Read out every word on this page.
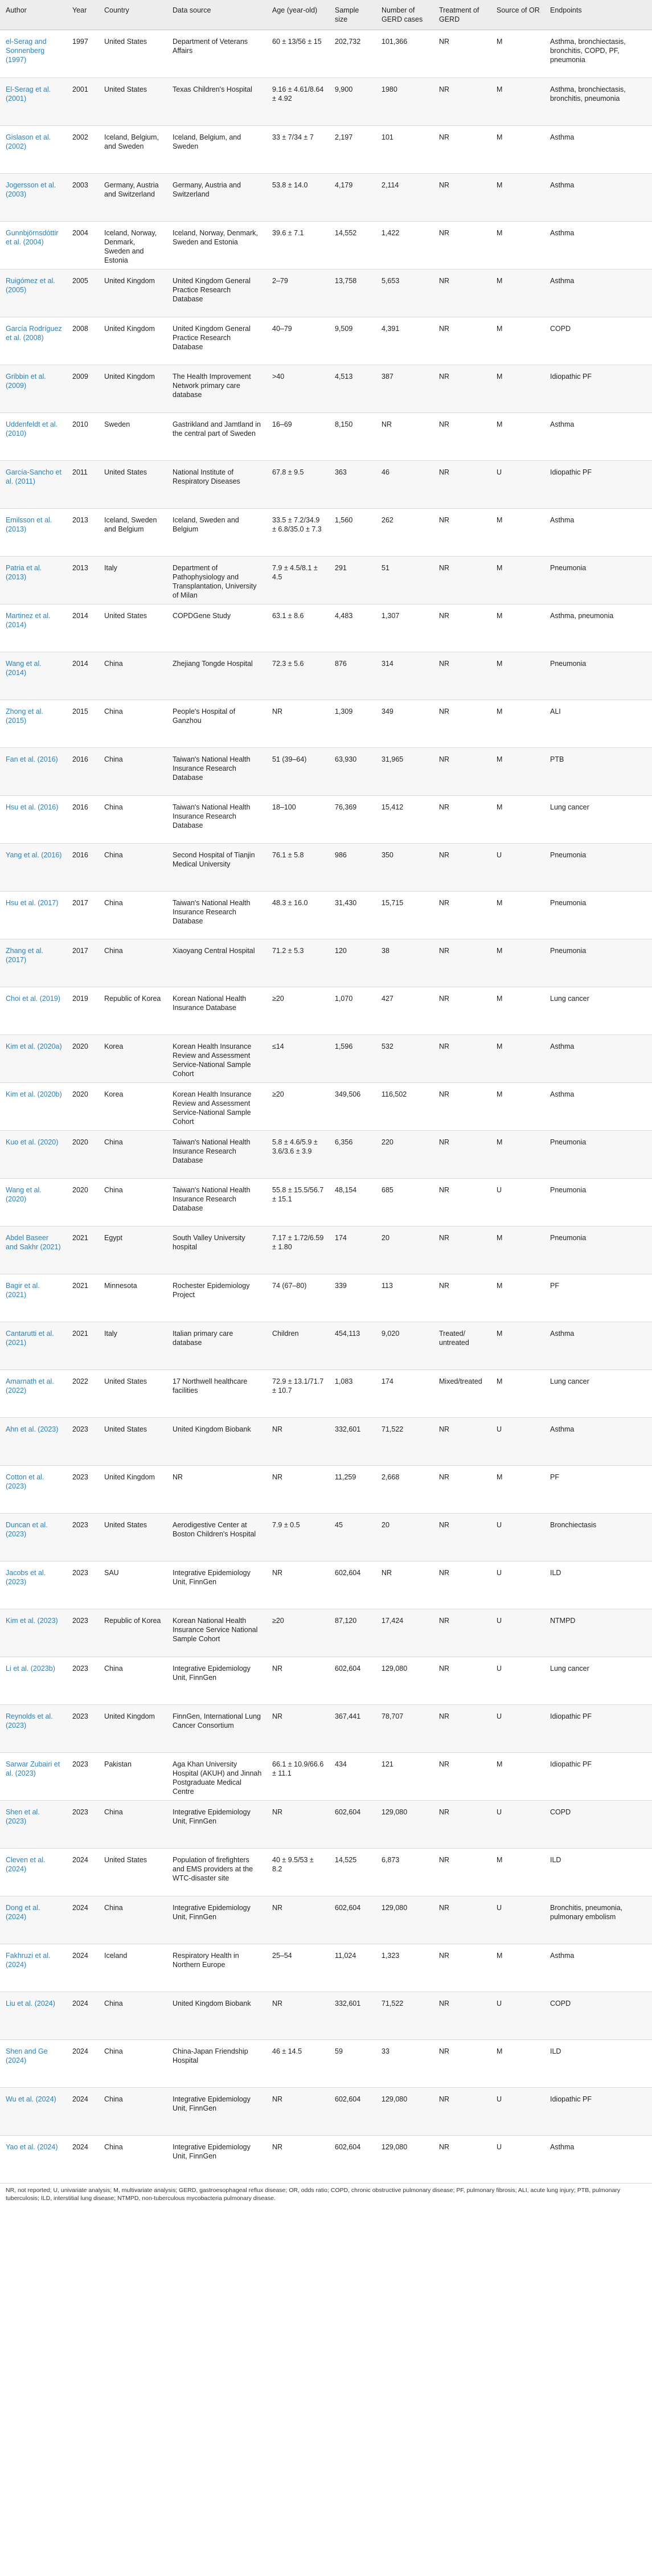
Author	Year	Country	Data source	Age (year-old)	Sample size	Number of GERD cases	Treatment of GERD	Source of OR	Endpoints
el-Serag and Sonnenberg (1997)	1997	United States	Department of Veterans Affairs	60 ± 13/56 ± 15	202,732	101,366	NR	M	Asthma, bronchiectasis, bronchitis, COPD, PF, pneumonia
El-Serag et al. (2001)	2001	United States	Texas Children's Hospital	9.16 ± 4.61/8.64 ± 4.92	9,900	1980	NR	M	Asthma, bronchiectasis, bronchitis, pneumonia
Gislason et al. (2002)	2002	Iceland, Belgium, and Sweden	Iceland, Belgium, and Sweden	33 ± 7/34 ± 7	2,197	101	NR	M	Asthma
Jogersson et al. (2003)	2003	Germany, Austria and Switzerland	Germany, Austria and Switzerland	53.8 ± 14.0	4,179	2,114	NR	M	Asthma
Gunnbjörnsdóttir et al. (2004)	2004	Iceland, Norway, Denmark, Sweden and Estonia	Iceland, Norway, Denmark, Sweden and Estonia	39.6 ± 7.1	14,552	1,422	NR	M	Asthma
Ruigómez et al. (2005)	2005	United Kingdom	United Kingdom General Practice Research Database	2–79	13,758	5,653	NR	M	Asthma
García Rodríguez et al. (2008)	2008	United Kingdom	United Kingdom General Practice Research Database	40–79	9,509	4,391	NR	M	COPD
Gribbin et al. (2009)	2009	United Kingdom	The Health Improvement Network primary care database	>40	4,513	387	NR	M	Idiopathic PF
Uddenfeldt et al. (2010)	2010	Sweden	Gastrikland and Jamtland in the central part of Sweden	16–69	8,150	NR	NR	M	Asthma
García-Sancho et al. (2011)	2011	United States	National Institute of Respiratory Diseases	67.8 ± 9.5	363	46	NR	U	Idiopathic PF
Emilsson et al. (2013)	2013	Iceland, Sweden and Belgium	Iceland, Sweden and Belgium	33.5 ± 7.2/34.9 ± 6.8/35.0 ± 7.3	1,560	262	NR	M	Asthma
Patria et al. (2013)	2013	Italy	Department of Pathophysiology and Transplantation, University of Milan	7.9 ± 4.5/8.1 ± 4.5	291	51	NR	M	Pneumonia
Martinez et al. (2014)	2014	United States	COPDGene Study	63.1 ± 8.6	4,483	1,307	NR	M	Asthma, pneumonia
Wang et al. (2014)	2014	China	Zhejiang Tongde Hospital	72.3 ± 5.6	876	314	NR	M	Pneumonia
Zhong et al. (2015)	2015	China	People's Hospital of Ganzhou	NR	1,309	349	NR	M	ALI
Fan et al. (2016)	2016	China	Taiwan's National Health Insurance Research Database	51 (39–64)	63,930	31,965	NR	M	PTB
Hsu et al. (2016)	2016	China	Taiwan's National Health Insurance Research Database	18–100	76,369	15,412	NR	M	Lung cancer
Yang et al. (2016)	2016	China	Second Hospital of Tianjin Medical University	76.1 ± 5.8	986	350	NR	U	Pneumonia
Hsu et al. (2017)	2017	China	Taiwan's National Health Insurance Research Database	48.3 ± 16.0	31,430	15,715	NR	M	Pneumonia
Zhang et al. (2017)	2017	China	Xiaoyang Central Hospital	71.2 ± 5.3	120	38	NR	M	Pneumonia
Choi et al. (2019)	2019	Republic of Korea	Korean National Health Insurance Database	≥20	1,070	427	NR	M	Lung cancer
Kim et al. (2020a)	2020	Korea	Korean Health Insurance Review and Assessment Service-National Sample Cohort	≤14	1,596	532	NR	M	Asthma
Kim et al. (2020b)	2020	Korea	Korean Health Insurance Review and Assessment Service-National Sample Cohort	≥20	349,506	116,502	NR	M	Asthma
Kuo et al. (2020)	2020	China	Taiwan's National Health Insurance Research Database	5.8 ± 4.6/5.9 ± 3.6/3.6 ± 3.9	6,356	220	NR	M	Pneumonia
Wang et al. (2020)	2020	China	Taiwan's National Health Insurance Research Database	55.8 ± 15.5/56.7 ± 15.1	48,154	685	NR	U	Pneumonia
Abdel Baseer and Sakhr (2021)	2021	Egypt	South Valley University hospital	7.17 ± 1.72/6.59 ± 1.80	174	20	NR	M	Pneumonia
Bagir et al. (2021)	2021	Minnesota	Rochester Epidemiology Project	74 (67–80)	339	113	NR	M	PF
Cantarutti et al. (2021)	2021	Italy	Italian primary care database	Children	454,113	9,020	Treated/ untreated	M	Asthma
Amarnath et al. (2022)	2022	United States	17 Northwell healthcare facilities	72.9 ± 13.1/71.7 ± 10.7	1,083	174	Mixed/treated	M	Lung cancer
Ahn et al. (2023)	2023	United States	United Kingdom Biobank	NR	332,601	71,522	NR	U	Asthma
Cotton et al. (2023)	2023	United Kingdom	NR	NR	11,259	2,668	NR	M	PF
Duncan et al. (2023)	2023	United States	Aerodigestive Center at Boston Children's Hospital	7.9 ± 0.5	45	20	NR	U	Bronchiectasis
Jacobs et al. (2023)	2023	SAU	Integrative Epidemiology Unit, FinnGen	NR	602,604	NR	NR	U	ILD
Kim et al. (2023)	2023	Republic of Korea	Korean National Health Insurance Service National Sample Cohort	≥20	87,120	17,424	NR	U	NTMPD
Li et al. (2023b)	2023	China	Integrative Epidemiology Unit, FinnGen	NR	602,604	129,080	NR	U	Lung cancer
Reynolds et al. (2023)	2023	United Kingdom	FinnGen, International Lung Cancer Consortium	NR	367,441	78,707	NR	U	Idiopathic PF
Sarwar Zubairi et al. (2023)	2023	Pakistan	Aga Khan University Hospital (AKUH) and Jinnah Postgraduate Medical Centre	66.1 ± 10.9/66.6 ± 11.1	434	121	NR	M	Idiopathic PF
Shen et al. (2023)	2023	China	Integrative Epidemiology Unit, FinnGen	NR	602,604	129,080	NR	U	COPD
Cleven et al. (2024)	2024	United States	Population of firefighters and EMS providers at the WTC-disaster site	40 ± 9.5/53 ± 8.2	14,525	6,873	NR	M	ILD
Dong et al. (2024)	2024	China	Integrative Epidemiology Unit, FinnGen	NR	602,604	129,080	NR	U	Bronchitis, pneumonia, pulmonary embolism
Fakhruzi et al. (2024)	2024	Iceland	Respiratory Health in Northern Europe	25–54	11,024	1,323	NR	M	Asthma
Liu et al. (2024)	2024	China	United Kingdom Biobank	NR	332,601	71,522	NR	U	COPD
Shen and Ge (2024)	2024	China	China-Japan Friendship Hospital	46 ± 14.5	59	33	NR	M	ILD
Wu et al. (2024)	2024	China	Integrative Epidemiology Unit, FinnGen	NR	602,604	129,080	NR	U	Idiopathic PF
Yao et al. (2024)	2024	China	Integrative Epidemiology Unit, FinnGen	NR	602,604	129,080	NR	U	Asthma
NR, not reported; U, univariate analysis; M, multivariate analysis; GERD, gastroesophageal reflux disease; OR, odds ratio; COPD, chronic obstructive pulmonary disease; PF, pulmonary fibrosis; ALI, acute lung injury; PTB, pulmonary tuberculosis; ILD, interstitial lung disease; NTMPD, non-tuberculous mycobacteria pulmonary disease.
